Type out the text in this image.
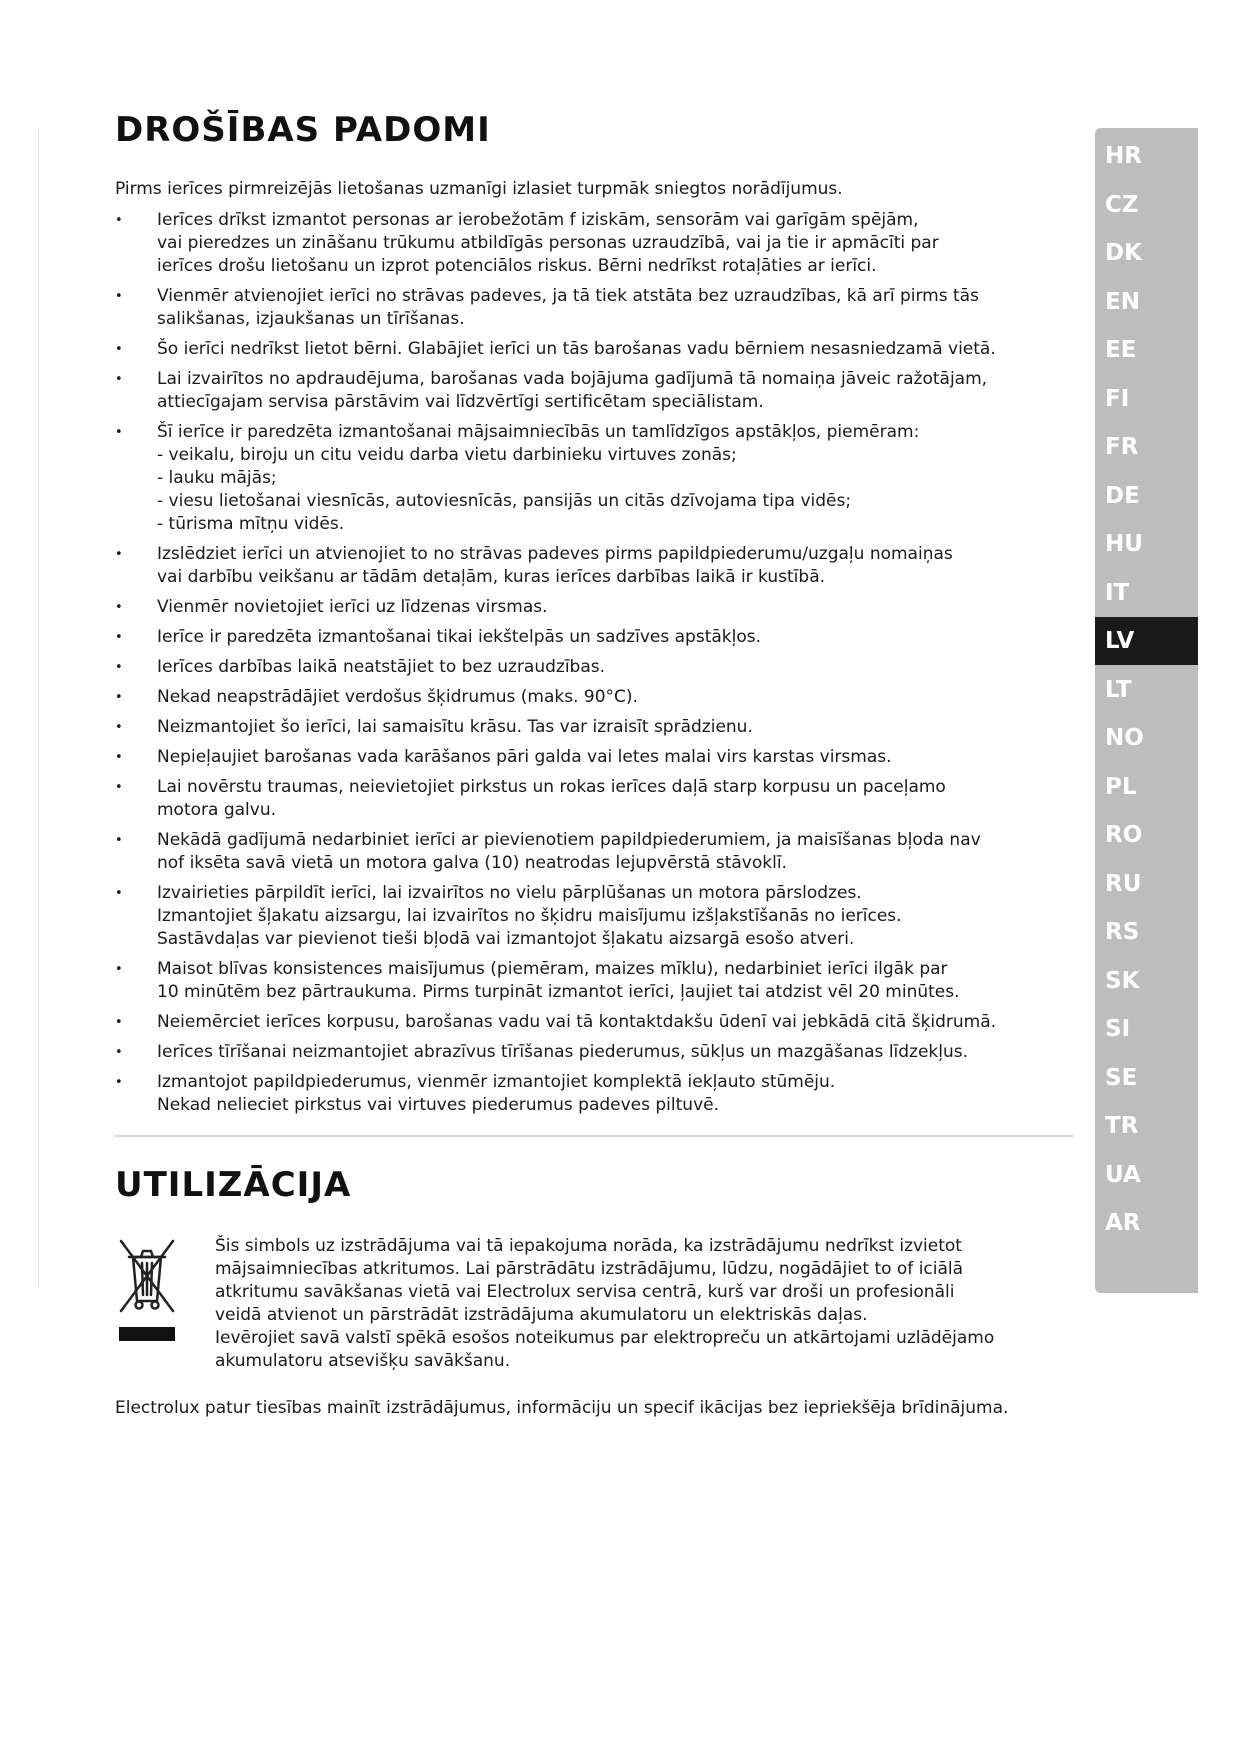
DROŠĪBAS PADOMI

Pirms ierīces pirmreizējās lietošanas uzmanīgi izlasiet turpmāk sniegtos norādījumus.

• Ierīces drīkst izmantot personas ar ierobežotām f iziskām, sensorām vai garīgām spējām,
vai pieredzes un zināšanu trūkumu atbildīgās personas uzraudzībā, vai ja tie ir apmācīti par
ierīces drošu lietošanu un izprot potenciālos riskus. Bērni nedrīkst rotaļāties ar ierīci.
• Vienmēr atvienojiet ierīci no strāvas padeves, ja tā tiek atstāta bez uzraudzības, kā arī pirms tās
salikšanas, izjaukšanas un tīrīšanas.
• Šo ierīci nedrīkst lietot bērni. Glabājiet ierīci un tās barošanas vadu bērniem nesasniedzamā vietā.
• Lai izvairītos no apdraudējuma, barošanas vada bojājuma gadījumā tā nomaiņa jāveic ražotājam,
attiecīgajam servisa pārstāvim vai līdzvērtīgi sertificētam speciālistam.
• Šī ierīce ir paredzēta izmantošanai mājsaimniecībās un tamlīdzīgos apstākļos, piemēram:
- veikalu, biroju un citu veidu darba vietu darbinieku virtuves zonās;
- lauku mājās;
- viesu lietošanai viesnīcās, autoviesnīcās, pansijās un citās dzīvojama tipa vidēs;
- tūrisma mītņu vidēs.
• Izslēdziet ierīci un atvienojiet to no strāvas padeves pirms papildpiederumu/uzgaļu nomaiņas
vai darbību veikšanu ar tādām detaļām, kuras ierīces darbības laikā ir kustībā.
• Vienmēr novietojiet ierīci uz līdzenas virsmas.
• Ierīce ir paredzēta izmantošanai tikai iekštelpās un sadzīves apstākļos.
• Ierīces darbības laikā neatstājiet to bez uzraudzības.
• Nekad neapstrādājiet verdošus šķidrumus (maks. 90°C).
• Neizmantojiet šo ierīci, lai samaisītu krāsu. Tas var izraisīt sprādzienu.
• Nepieļaujiet barošanas vada karāšanos pāri galda vai letes malai virs karstas virsmas.
• Lai novērstu traumas, neievietojiet pirkstus un rokas ierīces daļā starp korpusu un paceļamo
motora galvu.
• Nekādā gadījumā nedarbiniet ierīci ar pievienotiem papildpiederumiem, ja maisīšanas bļoda nav
nof iksēta savā vietā un motora galva (10) neatrodas lejupvērstā stāvoklī.
• Izvairieties pārpildīt ierīci, lai izvairītos no vielu pārplūšanas un motora pārslodzes.
Izmantojiet šļakatu aizsargu, lai izvairītos no šķidru maisījumu izšļakstīšanās no ierīces.
Sastāvdaļas var pievienot tieši bļodā vai izmantojot šļakatu aizsargā esošo atveri.
• Maisot blīvas konsistences maisījumus (piemēram, maizes mīklu), nedarbiniet ierīci ilgāk par
10 minūtēm bez pārtraukuma. Pirms turpināt izmantot ierīci, ļaujiet tai atdzist vēl 20 minūtes.
• Neiemērciet ierīces korpusu, barošanas vadu vai tā kontaktdakšu ūdenī vai jebkādā citā šķidrumā.
• Ierīces tīrīšanai neizmantojiet abrazīvus tīrīšanas piederumus, sūkļus un mazgāšanas līdzekļus.
• Izmantojot papildpiederumus, vienmēr izmantojiet komplektā iekļauto stūmēju.
Nekad nelieciet pirkstus vai virtuves piederumus padeves piltuvē.
UTILIZĀCIJA

Šis simbols uz izstrādājuma vai tā iepakojuma norāda, ka izstrādājumu nedrīkst izvietot
mājsaimniecības atkritumos. Lai pārstrādātu izstrādājumu, lūdzu, nogādājiet to of iciālā
atkritumu savākšanas vietā vai Electrolux servisa centrā, kurš var droši un profesionāli
veidā atvienot un pārstrādāt izstrādājuma akumulatoru un elektriskās daļas.

Ievērojiet savā valstī spēkā esošos noteikumus par elektropreču un atkārtojami uzlādējamo
akumulatoru atsevišķu savākšanu.

Electrolux patur tiesības mainīt izstrādājumus, informāciju un specif ikācijas bez iepriekšēja brīdinājuma.

HR
CZ
DK
EN
EE
FI
FR
DE
HU
IT
LV
LT
NO
PL
RO
RU
RS
SK
SI
SE
TR
UA
AR
